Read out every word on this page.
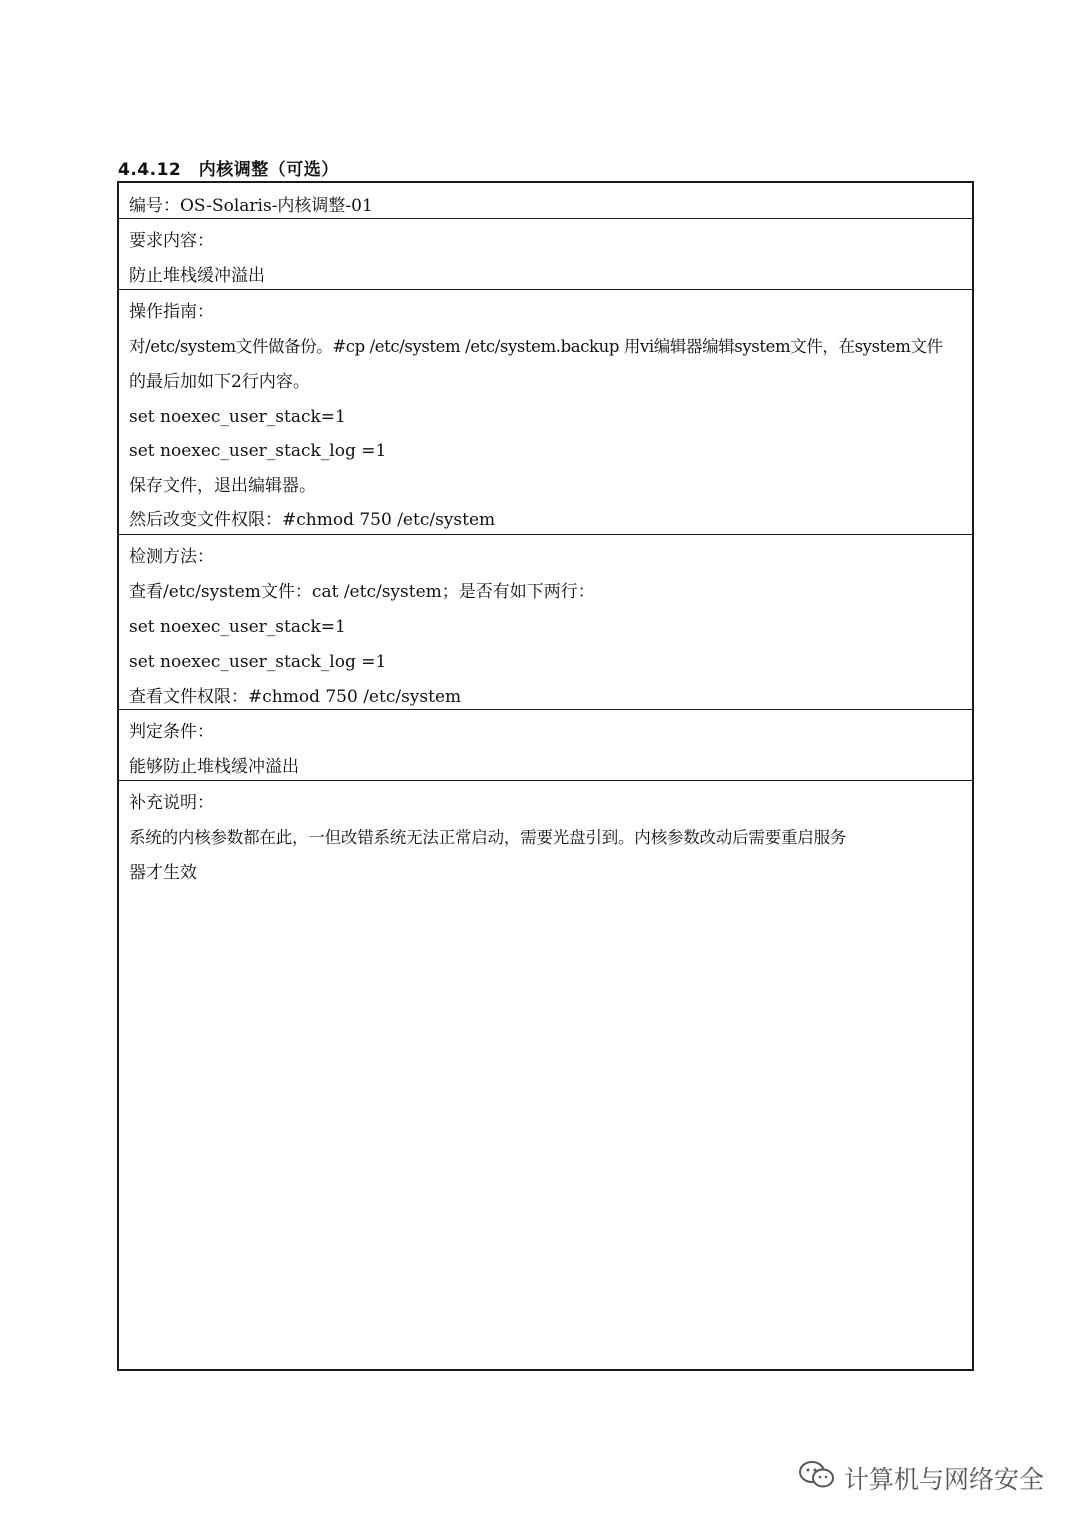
4.4.12　内核调整（可选）
编号：OS-Solaris-内核调整-01
要求内容：
防止堆栈缓冲溢出
操作指南：
对/etc/system文件做备份。#cp /etc/system /etc/system.backup 用vi编辑器编辑system文件，在system文件
的最后加如下2行内容。
set noexec_user_stack=1
set noexec_user_stack_log =1
保存文件，退出编辑器。
然后改变文件权限：#chmod 750 /etc/system
检测方法：
查看/etc/system文件：cat /etc/system；是否有如下两行：
set noexec_user_stack=1
set noexec_user_stack_log =1
查看文件权限：#chmod 750 /etc/system
判定条件：
能够防止堆栈缓冲溢出
补充说明：
系统的内核参数都在此，一但改错系统无法正常启动，需要光盘引到。内核参数改动后需要重启服务
器才生效
计算机与网络安全
